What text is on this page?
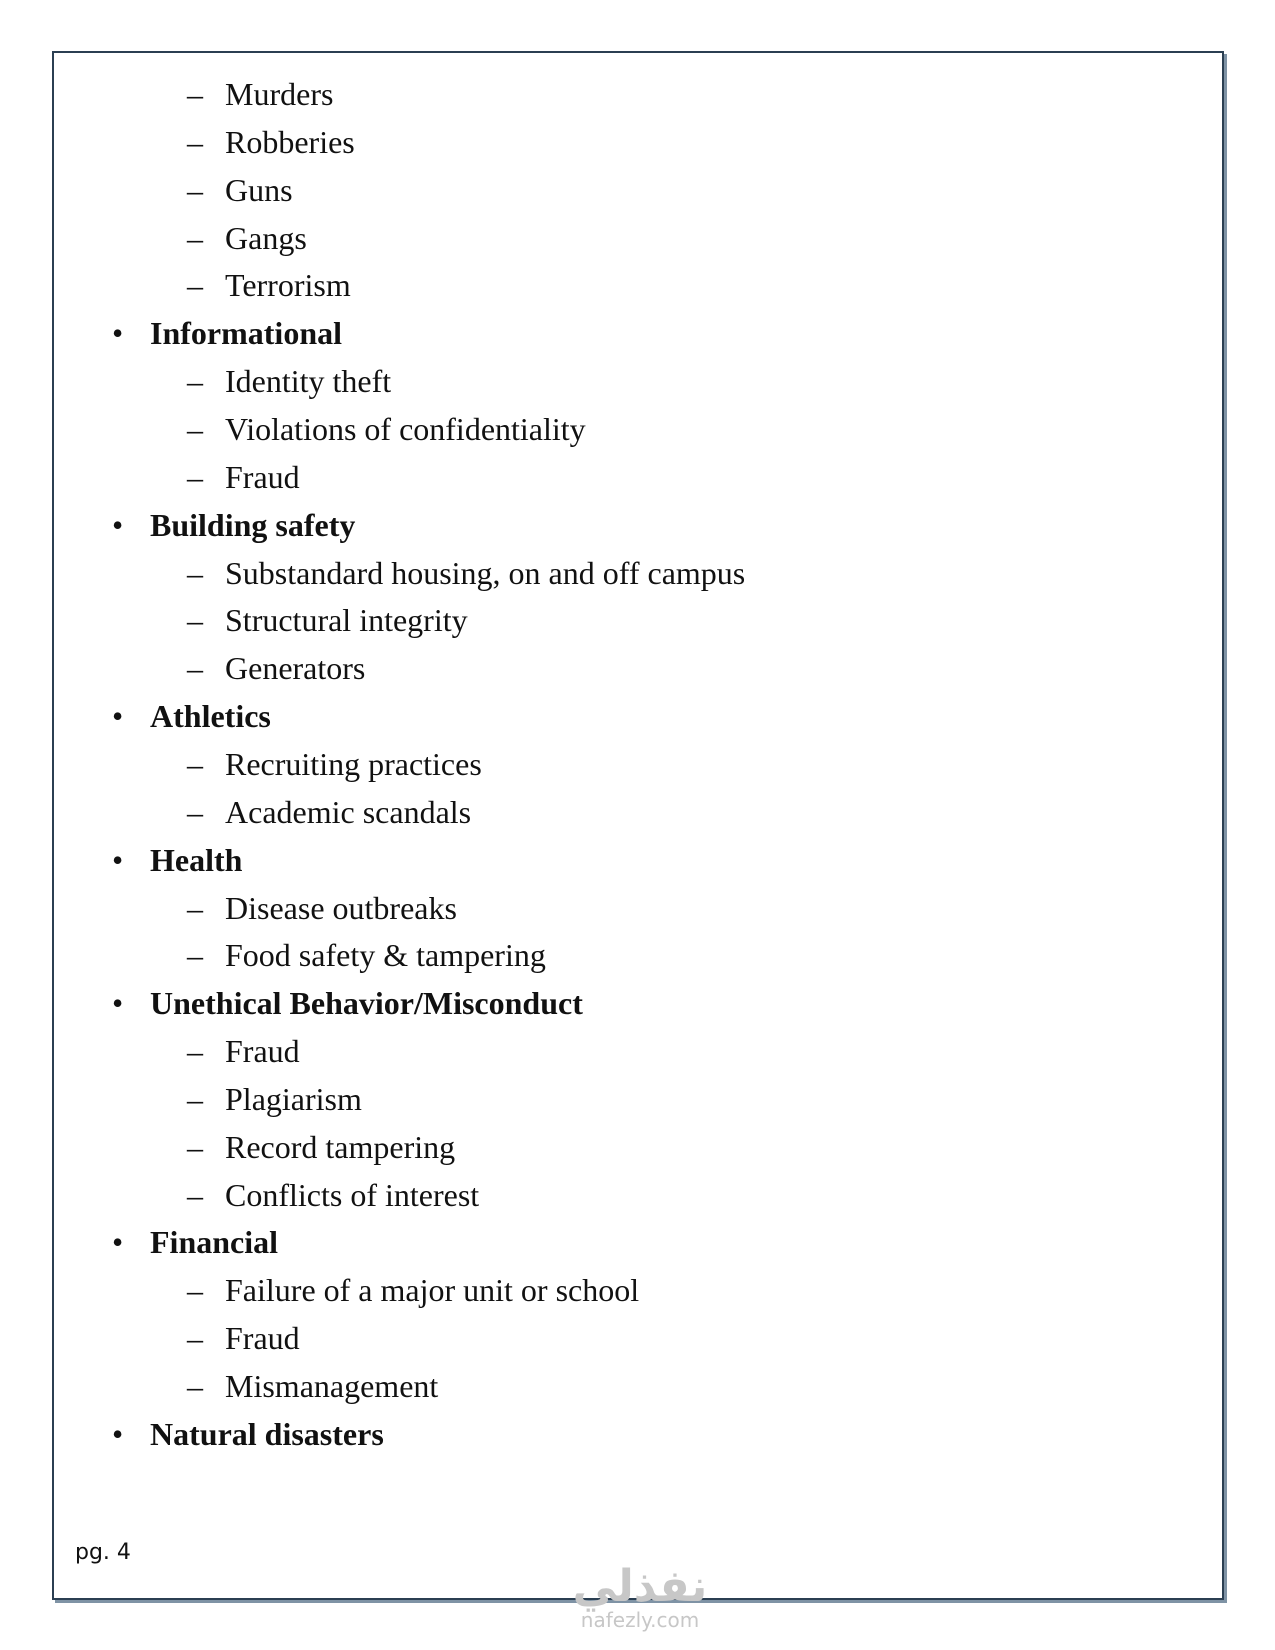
– Murders
– Robberies
– Guns
– Gangs
– Terrorism
• Informational
– Identity theft
– Violations of confidentiality
– Fraud
• Building safety
– Substandard housing, on and off campus
– Structural integrity
– Generators
• Athletics
– Recruiting practices
– Academic scandals
• Health
– Disease outbreaks
– Food safety & tampering
• Unethical Behavior/Misconduct
– Fraud
– Plagiarism
– Record tampering
– Conflicts of interest
• Financial
– Failure of a major unit or school
– Fraud
– Mismanagement
• Natural disasters
pg. 4
نفذلي
nafezly.com
